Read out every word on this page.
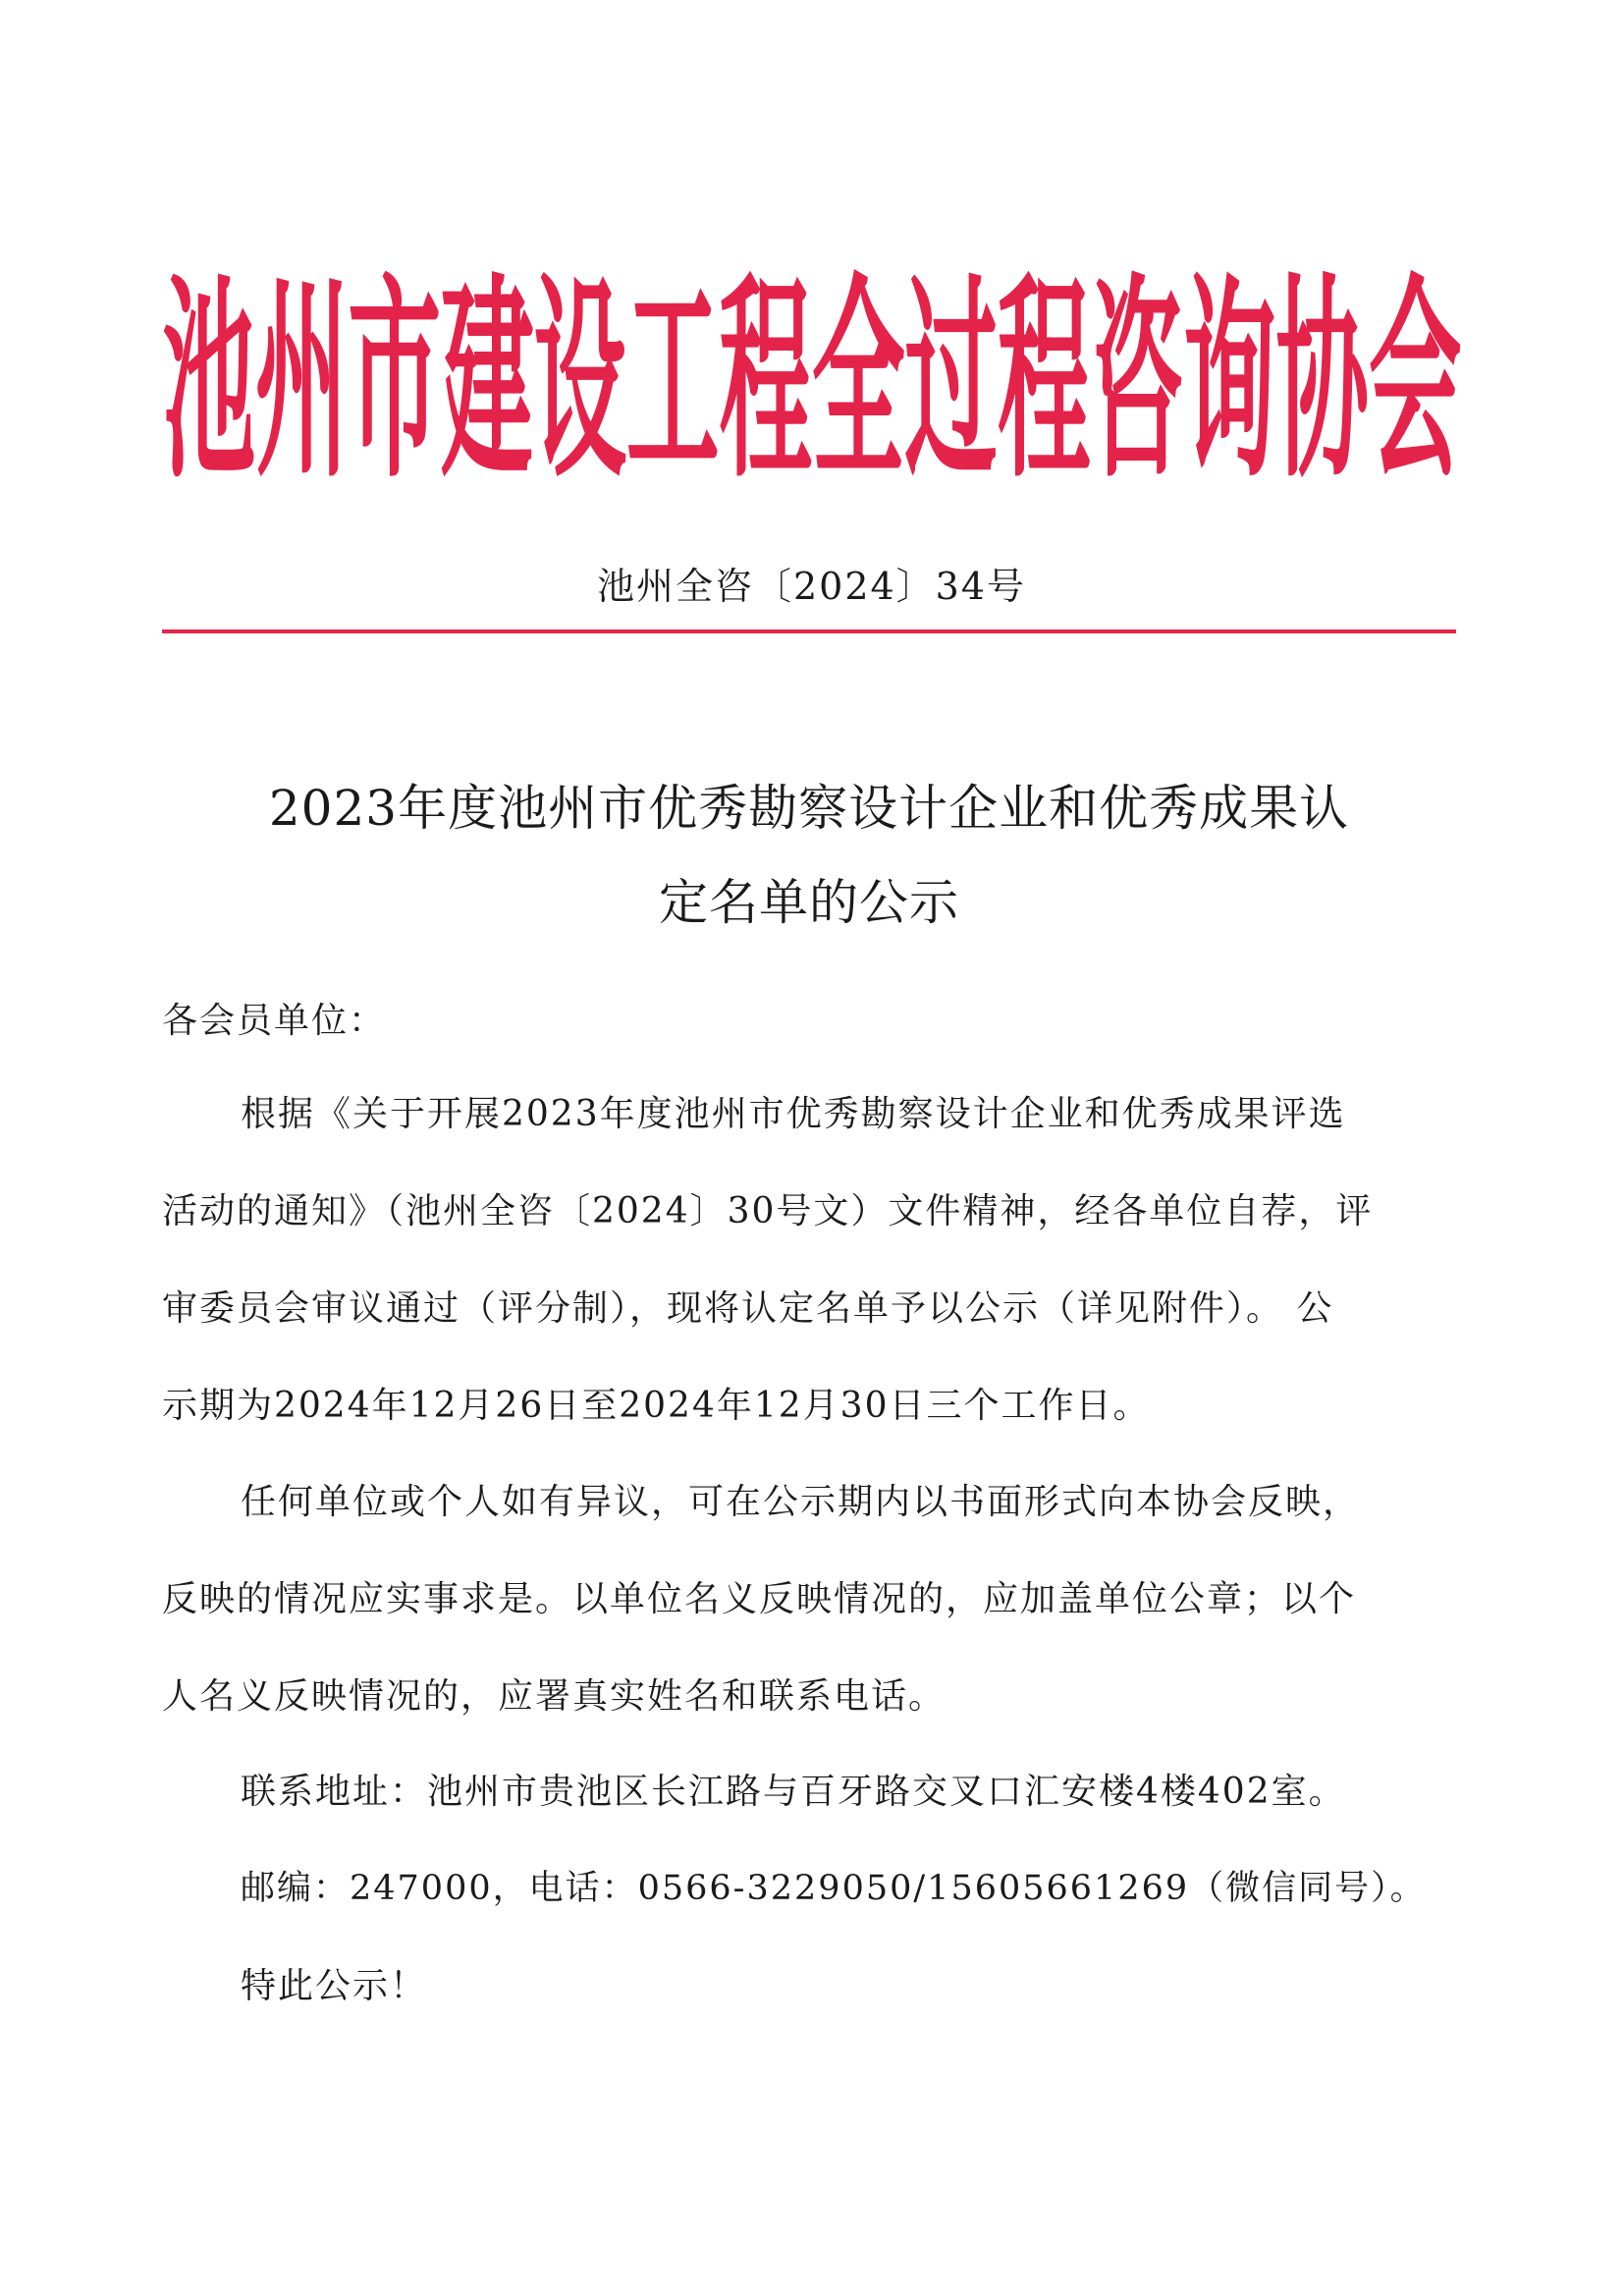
池州市建设工程全过程咨询协会
池州全咨〔2024〕34号
2023年度池州市优秀勘察设计企业和优秀成果认
定名单的公示
各会员单位：
根据《关于开展2023年度池州市优秀勘察设计企业和优秀成果评选
活动的通知》（池州全咨〔2024〕30号文）文件精神，经各单位自荐，评
审委员会审议通过（评分制），现将认定名单予以公示（详见附件）。 公
示期为2024年12月26日至2024年12月30日三个工作日。
任何单位或个人如有异议，可在公示期内以书面形式向本协会反映，
反映的情况应实事求是。以单位名义反映情况的，应加盖单位公章；以个
人名义反映情况的，应署真实姓名和联系电话。
联系地址：池州市贵池区长江路与百牙路交叉口汇安楼4楼402室。
邮编：247000，电话：0566-3229050/15605661269（微信同号）。
特此公示！
